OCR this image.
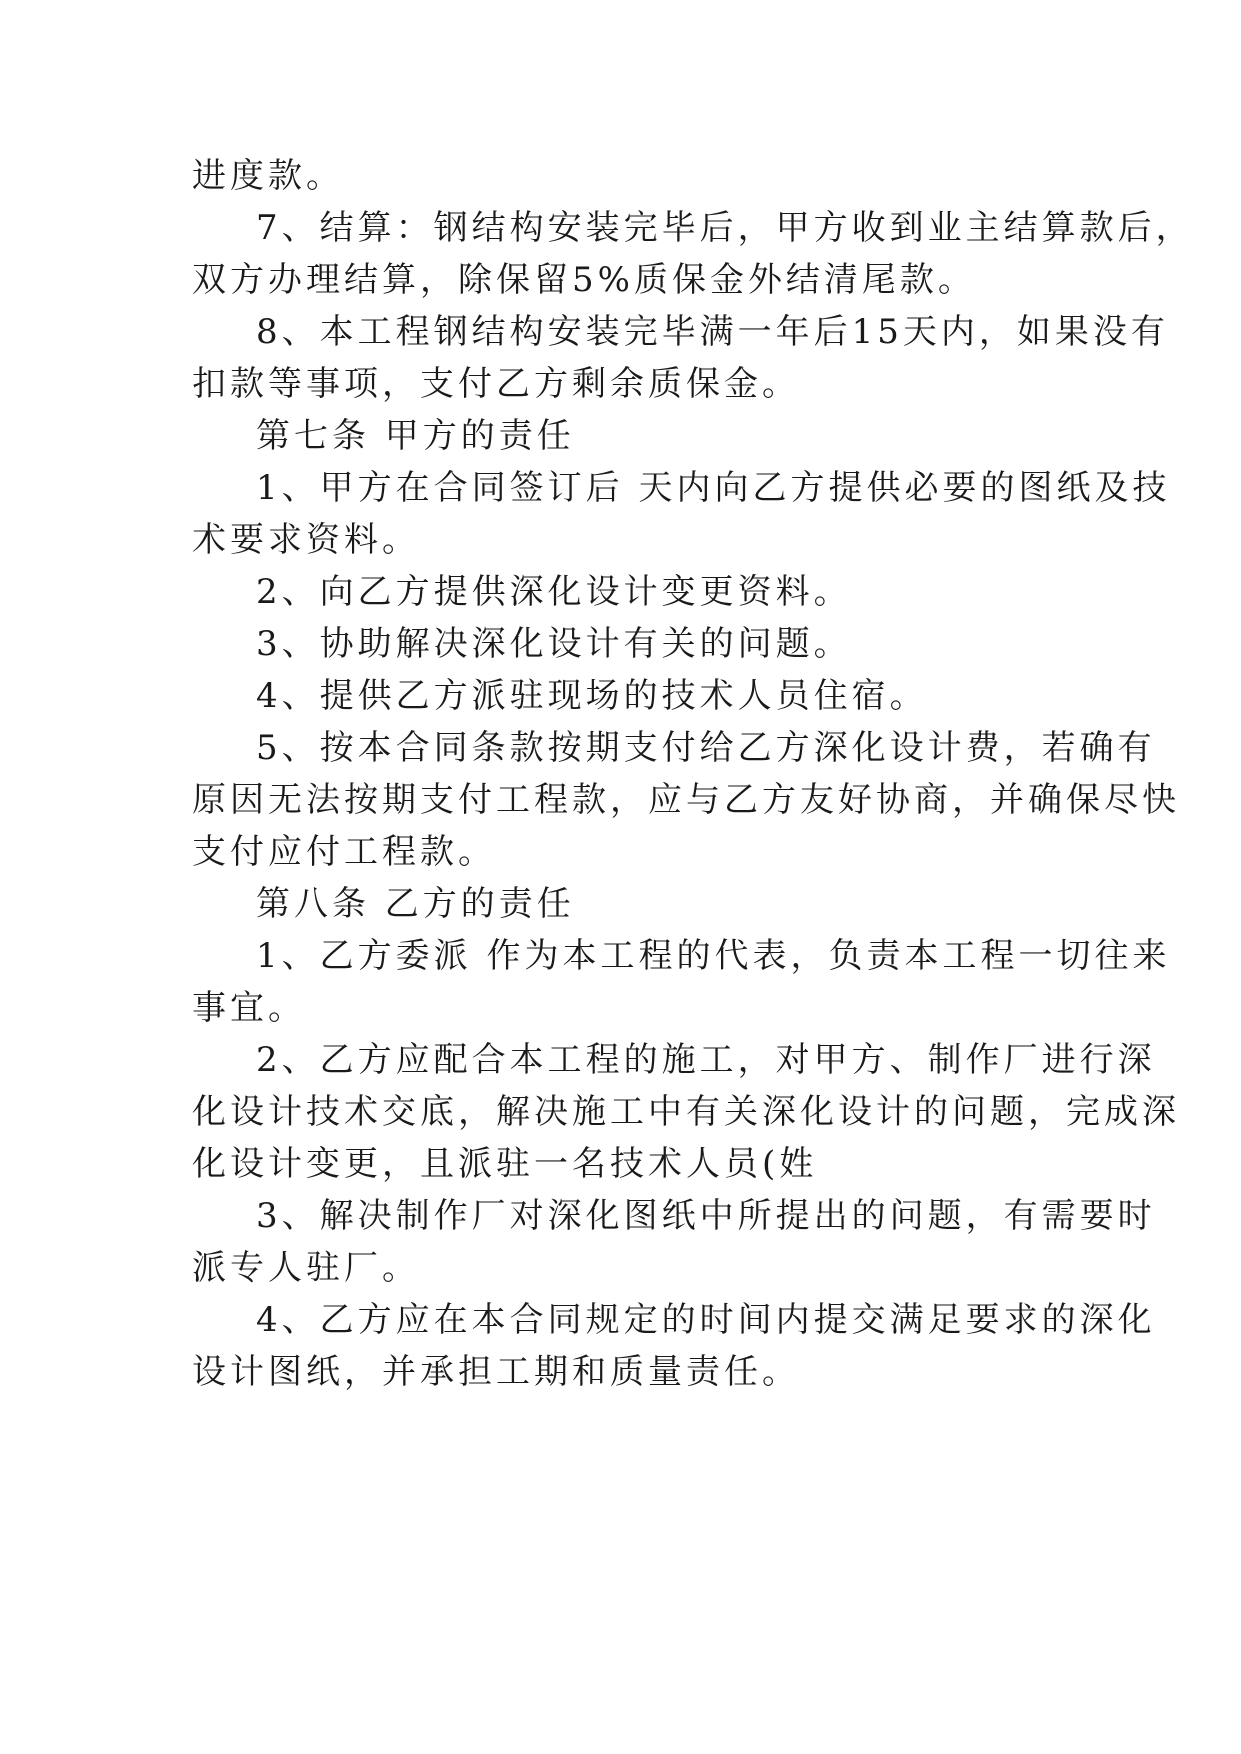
进度款。
7、结算：钢结构安装完毕后，甲方收到业主结算款后，
双方办理结算，除保留5%质保金外结清尾款。
8、本工程钢结构安装完毕满一年后15天内，如果没有
扣款等事项，支付乙方剩余质保金。
第七条 甲方的责任
1、甲方在合同签订后 天内向乙方提供必要的图纸及技
术要求资料。
2、向乙方提供深化设计变更资料。
3、协助解决深化设计有关的问题。
4、提供乙方派驻现场的技术人员住宿。
5、按本合同条款按期支付给乙方深化设计费，若确有
原因无法按期支付工程款，应与乙方友好协商，并确保尽快
支付应付工程款。
第八条 乙方的责任
1、乙方委派 作为本工程的代表，负责本工程一切往来
事宜。
2、乙方应配合本工程的施工，对甲方、制作厂进行深
化设计技术交底，解决施工中有关深化设计的问题，完成深
化设计变更，且派驻一名技术人员(姓
3、解决制作厂对深化图纸中所提出的问题，有需要时
派专人驻厂。
4、乙方应在本合同规定的时间内提交满足要求的深化
设计图纸，并承担工期和质量责任。
